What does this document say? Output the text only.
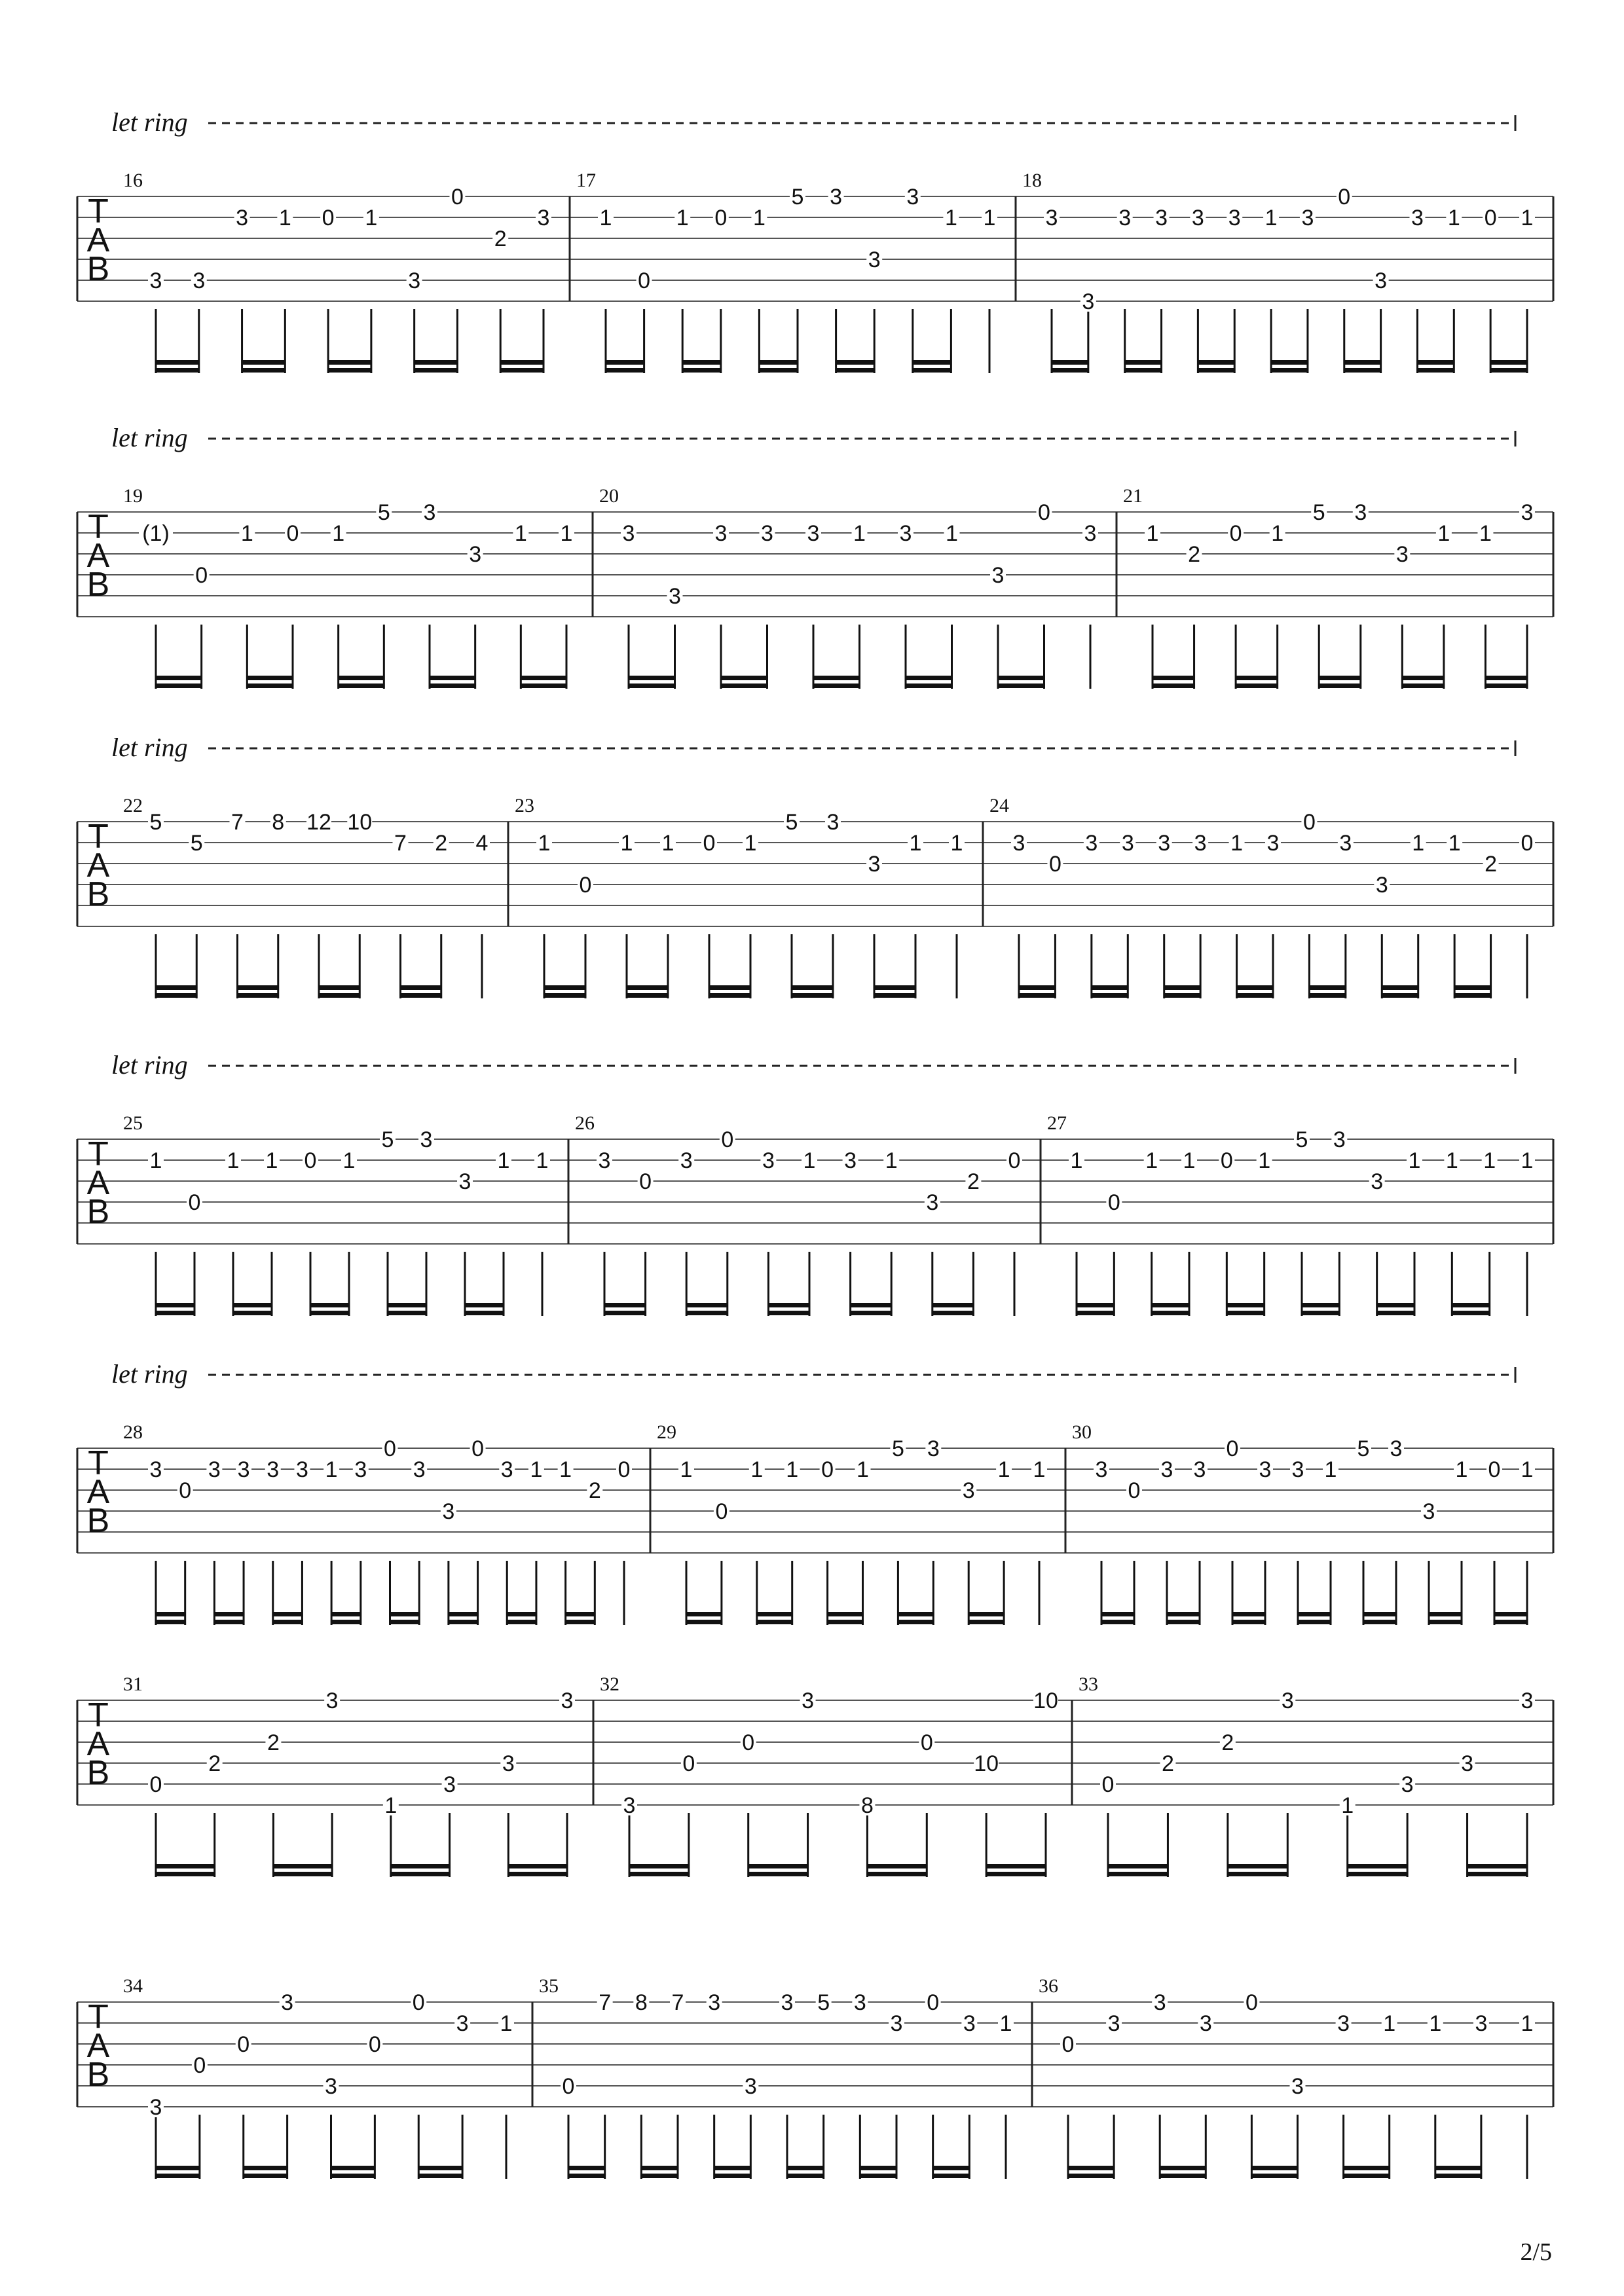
let ring
T
A
B
16
3 3
3 1 0 1
3
0
2
3
17
1
0
1 0 1
5 3
3
3
1 1
18
3
3
3 3 3 3 1 3
0
3
3 1 0 1
let ring
T
A
B
19
(1)
0
1 0 1
5 3
3
1 1
20
3
3
3 3 3 1 3 1
3
0
3
21
1
2
0 1
5 3
3
1 1
3
let ring
T
A
B
22
5
5
7 8 12 10
7 2 4
23
1
0
1 1 0 1
5 3
3
1 1
24
3
0
3 3 3 3 1 3
0
3
3
1 1
2
0
let ring
T
A
B
25
1
0
1 1 0 1
5 3
3
1 1
26
3
0
3
0
3 1 3 1
3
2
0
27
1
0
1 1 0 1
5 3
3
1 1 1 1
let ring
T
A
B
28
3
0
3 3 3 3 1 3
0
3
3
0
3 1 1
2
0
29
1
0
1 1 0 1
5 3
3
1 1
30
3
0
3 3
0
3 3 1
5 3
3
1 0 1
T
A
B
31
0
2
2
3
1
3
3
3
32
3
0
0
3
8
0
10
10
33
0
2
2
3
1
3
3
3
T
A
B
34
3
0
0
3
3
0
0
3 1
35
0
7 8 7 3
3
3 5 3
3
0
3 1
36
0
3
3
3
0
3
3 1 1 3 1
2/5
